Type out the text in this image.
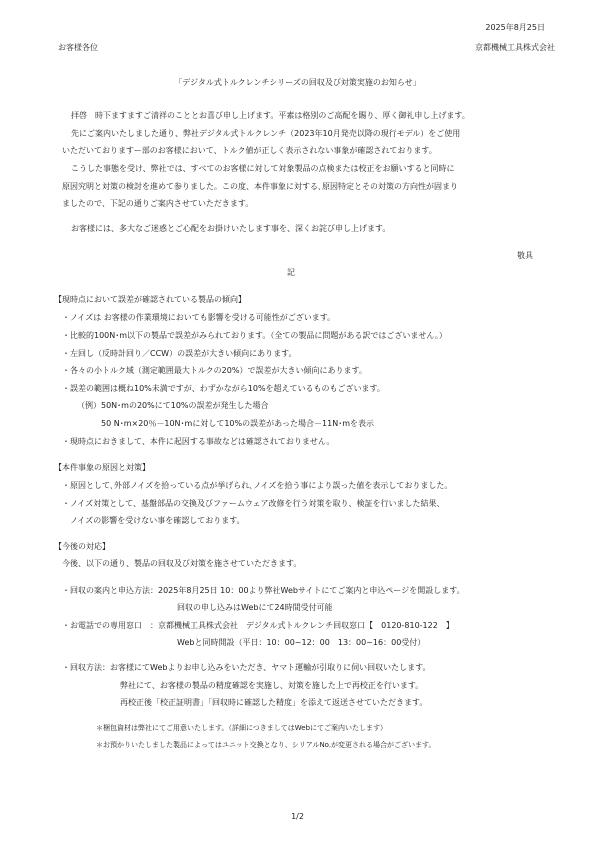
2025年8月25日
お客様各位	京都機械工具株式会社
「デジタル式トルクレンチシリーズの回収及び対策実施のお知らせ」
拝啓　時下ますますご清祥のこととお喜び申し上げます。平素は格別のご高配を賜り、厚く御礼申し上げます。
先にご案内いたしました通り、弊社デジタル式トルクレンチ（2023年10月発売以降の現行モデル）をご使用
いただいておりますー部のお客様において、トルク値が正しく表示されない事象が確認されております。
こうした事態を受け、弊社では、すべてのお客様に対して対象製品の点検または校正をお願いすると同時に
原因究明と対策の検討を進めて参りました。この度、本件事象に対する､原因特定とその対策の方向性が固まり
ましたので、下記の通りご案内させていただきます。
お客様には、多大なご迷惑とご心配をお掛けいたします事を、深くお詫び申し上げます。
敬具
記
【現時点において誤差が確認されている製品の傾向】
・ノイズは お客様の作業環境においても影響を受ける可能性がございます。
・比較的100N･m以下の製品で誤差がみられております。（全ての製品に問題がある訳ではございません。）
・左回し（反時計回り／CCW）の誤差が大きい傾向にあります。
・各々の小トルク域（測定範囲最大トルクの20%）で誤差が大きい傾向にあります。
・誤差の範囲は概ね10%未満ですが、わずかながら10%を超えているものもございます。
（例）50N･mの20%にて10%の誤差が発生した場合
50 N･m×20％－10N･mに対して10%の誤差があった場合－11N･mを表示
・現時点におきまして、本件に起因する事故などは確認されておりません。
【本件事象の原因と対策】
・原因として､外部ノイズを拾っている点が挙げられ､ノイズを拾う事により誤った値を表示しておりました。
・ノイズ対策として、基盤部品の交換及びファームウェア改修を行う対策を取り、検証を行いました結果、
ノイズの影響を受けない事を確認しております。
【今後の対応】
今後、以下の通り、製品の回収及び対策を施させていただきます。
・回収の案内と申込方法：2025年8月25日 10：00より弊社Webサイトにてご案内と申込ページを開設します。
回収の申し込みはWebにて24時間受付可能
・お電話での専用窓口　：京都機械工具株式会社　デジタル式トルクレンチ回収窓口【　0120-810-122　】
Webと同時開設（平日：10：00~12：00　13：00~16：00受付）
・回収方法：お客様にてWebよりお申し込みをいただき、ヤマト運輸が引取りに伺い回収いたします。
弊社にて、お客様の製品の精度確認を実施し、対策を施した上で再校正を行います。
再校正後「校正証明書」「回収時に確認した精度」を添えて返送させていただきます。
＊梱包資材は弊社にてご用意いたします。（詳細につきましてはWebにてご案内いたします）
＊お預かりいたしました製品によってはユニット交換となり、シリアルNo.が変更される場合がございます。
1/2
